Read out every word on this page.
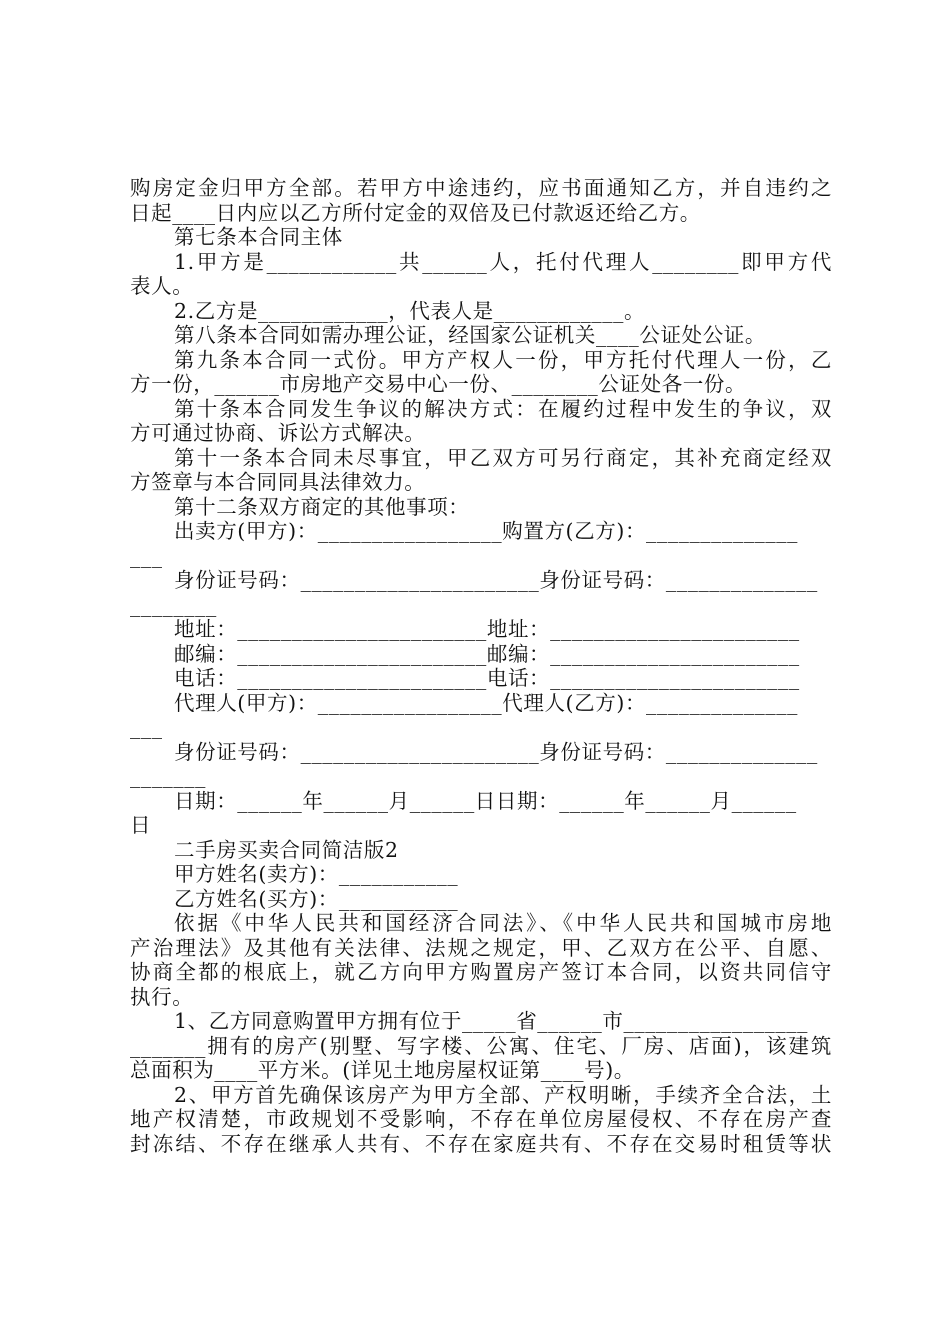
购房定金归甲方全部。若甲方中途违约，应书面通知乙方，并自违约之
日起____日内应以乙方所付定金的双倍及已付款返还给乙方。
第七条本合同主体
1.甲方是____________共______人，托付代理人________即甲方代
表人。
2.乙方是____________，代表人是____________。
第八条本合同如需办理公证，经国家公证机关____公证处公证。
第九条本合同一式份。甲方产权人一份，甲方托付代理人一份，乙
方一份，______市房地产交易中心一份、________公证处各一份。
第十条本合同发生争议的解决方式：在履约过程中发生的争议，双
方可通过协商、诉讼方式解决。
第十一条本合同未尽事宜，甲乙双方可另行商定，其补充商定经双
方签章与本合同同具法律效力。
第十二条双方商定的其他事项：
出卖方(甲方)：_________________购置方(乙方)：______________
___
身份证号码：______________________身份证号码：______________
________
地址：_______________________地址：_______________________
邮编：_______________________邮编：_______________________
电话：_______________________电话：_______________________
代理人(甲方)：_________________代理人(乙方)：______________
___
身份证号码：______________________身份证号码：______________
_______
日期：______年______月______日日期：______年______月______
日
二手房买卖合同简洁版2
甲方姓名(卖方)：___________
乙方姓名(买方)：___________
依据《中华人民共和国经济合同法》、《中华人民共和国城市房地
产治理法》及其他有关法律、法规之规定，甲、乙双方在公平、自愿、
协商全都的根底上，就乙方向甲方购置房产签订本合同，以资共同信守
执行。
1、乙方同意购置甲方拥有位于_____省______市_________________
_______拥有的房产(别墅、写字楼、公寓、住宅、厂房、店面)，该建筑
总面积为____平方米。(详见土地房屋权证第____号)。
2、甲方首先确保该房产为甲方全部、产权明晰，手续齐全合法，土
地产权清楚，市政规划不受影响，不存在单位房屋侵权、不存在房产查
封冻结、不存在继承人共有、不存在家庭共有、不存在交易时租赁等状
